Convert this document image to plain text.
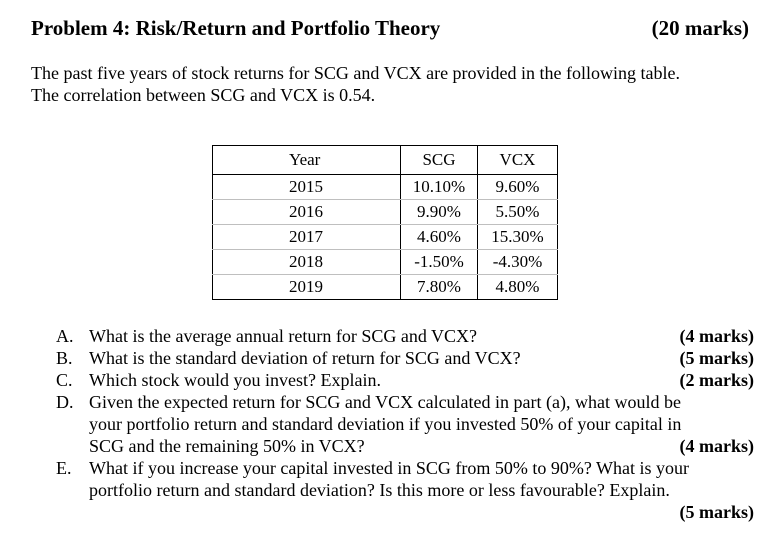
Problem 4: Risk/Return and Portfolio Theory	(20 marks)
The past five years of stock returns for SCG and VCX are provided in the following table.
The correlation between SCG and VCX is 0.54.
Year	SCG	VCX
2015	10.10%	9.60%
2016	9.90%	5.50%
2017	4.60%	15.30%
2018	-1.50%	-4.30%
2019	7.80%	4.80%
A. What is the average annual return for SCG and VCX?	(4 marks)
B. What is the standard deviation of return for SCG and VCX?	(5 marks)
C. Which stock would you invest? Explain.	(2 marks)
D. Given the expected return for SCG and VCX calculated in part (a), what would be
your portfolio return and standard deviation if you invested 50% of your capital in
SCG and the remaining 50% in VCX?	(4 marks)
E. What if you increase your capital invested in SCG from 50% to 90%? What is your
portfolio return and standard deviation? Is this more or less favourable? Explain.
(5 marks)
